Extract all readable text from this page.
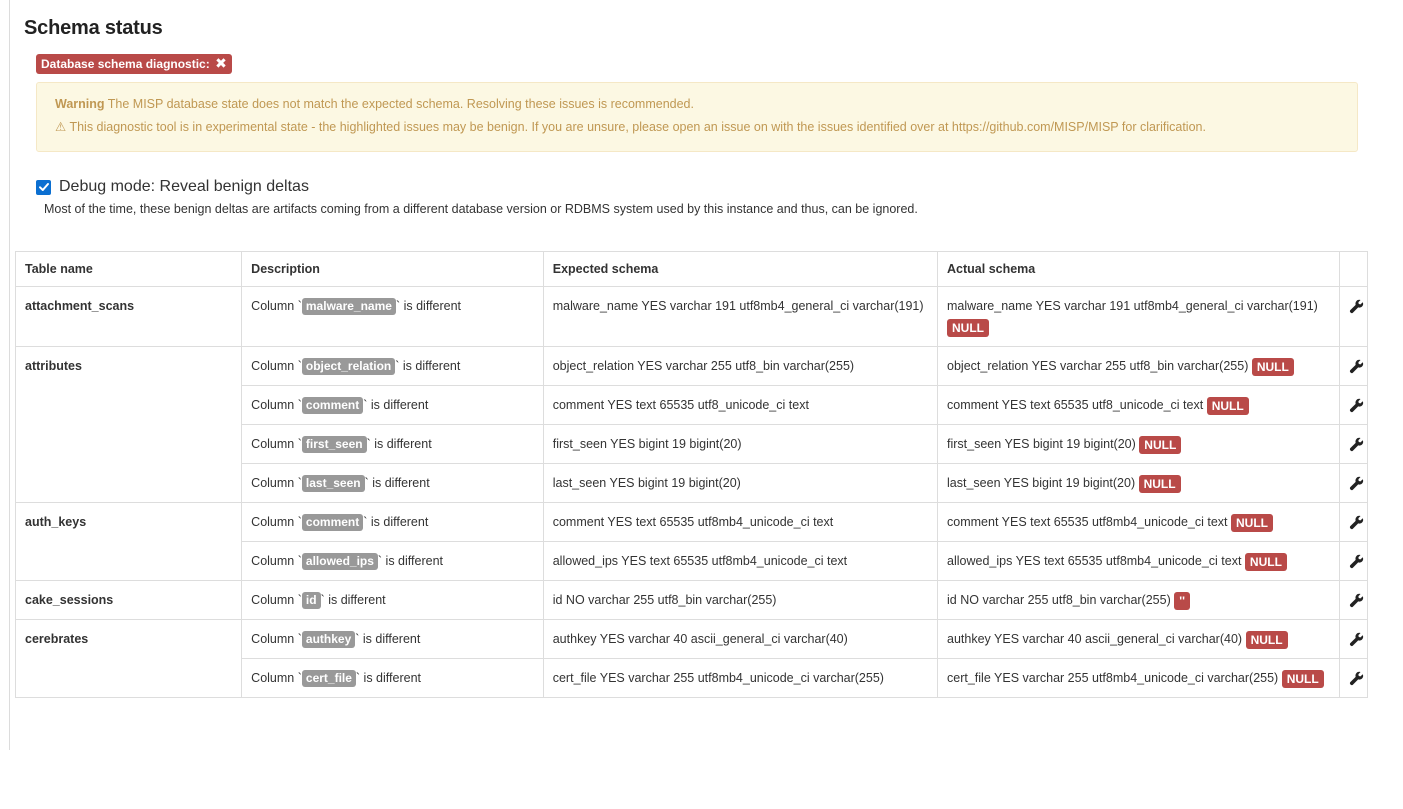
Schema status
Database schema diagnostic: ✖
Warning The MISP database state does not match the expected schema. Resolving these issues is recommended.
⚠ This diagnostic tool is in experimental state - the highlighted issues may be benign. If you are unsure, please open an issue on with the issues identified over at https://github.com/MISP/MISP for clarification.
Debug mode: Reveal benign deltas
Most of the time, these benign deltas are artifacts coming from a different database version or RDBMS system used by this instance and thus, can be ignored.
Table name	Description	Expected schema	Actual schema	
attachment_scans	Column ` malware_name ` is different	malware_name YES varchar 191 utf8mb4_general_ci varchar(191)	malware_name YES varchar 191 utf8mb4_general_ci varchar(191) NULL	
attributes	Column ` object_relation ` is different	object_relation YES varchar 255 utf8_bin varchar(255)	object_relation YES varchar 255 utf8_bin varchar(255) NULL	
	Column ` comment ` is different	comment YES text 65535 utf8_unicode_ci text	comment YES text 65535 utf8_unicode_ci text NULL	
	Column ` first_seen ` is different	first_seen YES bigint 19 bigint(20)	first_seen YES bigint 19 bigint(20) NULL	
	Column ` last_seen ` is different	last_seen YES bigint 19 bigint(20)	last_seen YES bigint 19 bigint(20) NULL	
auth_keys	Column ` comment ` is different	comment YES text 65535 utf8mb4_unicode_ci text	comment YES text 65535 utf8mb4_unicode_ci text NULL	
	Column ` allowed_ips ` is different	allowed_ips YES text 65535 utf8mb4_unicode_ci text	allowed_ips YES text 65535 utf8mb4_unicode_ci text NULL	
cake_sessions	Column ` id ` is different	id NO varchar 255 utf8_bin varchar(255)	id NO varchar 255 utf8_bin varchar(255) ''	
cerebrates	Column ` authkey ` is different	authkey YES varchar 40 ascii_general_ci varchar(40)	authkey YES varchar 40 ascii_general_ci varchar(40) NULL	
	Column ` cert_file ` is different	cert_file YES varchar 255 utf8mb4_unicode_ci varchar(255)	cert_file YES varchar 255 utf8mb4_unicode_ci varchar(255) NULL	
